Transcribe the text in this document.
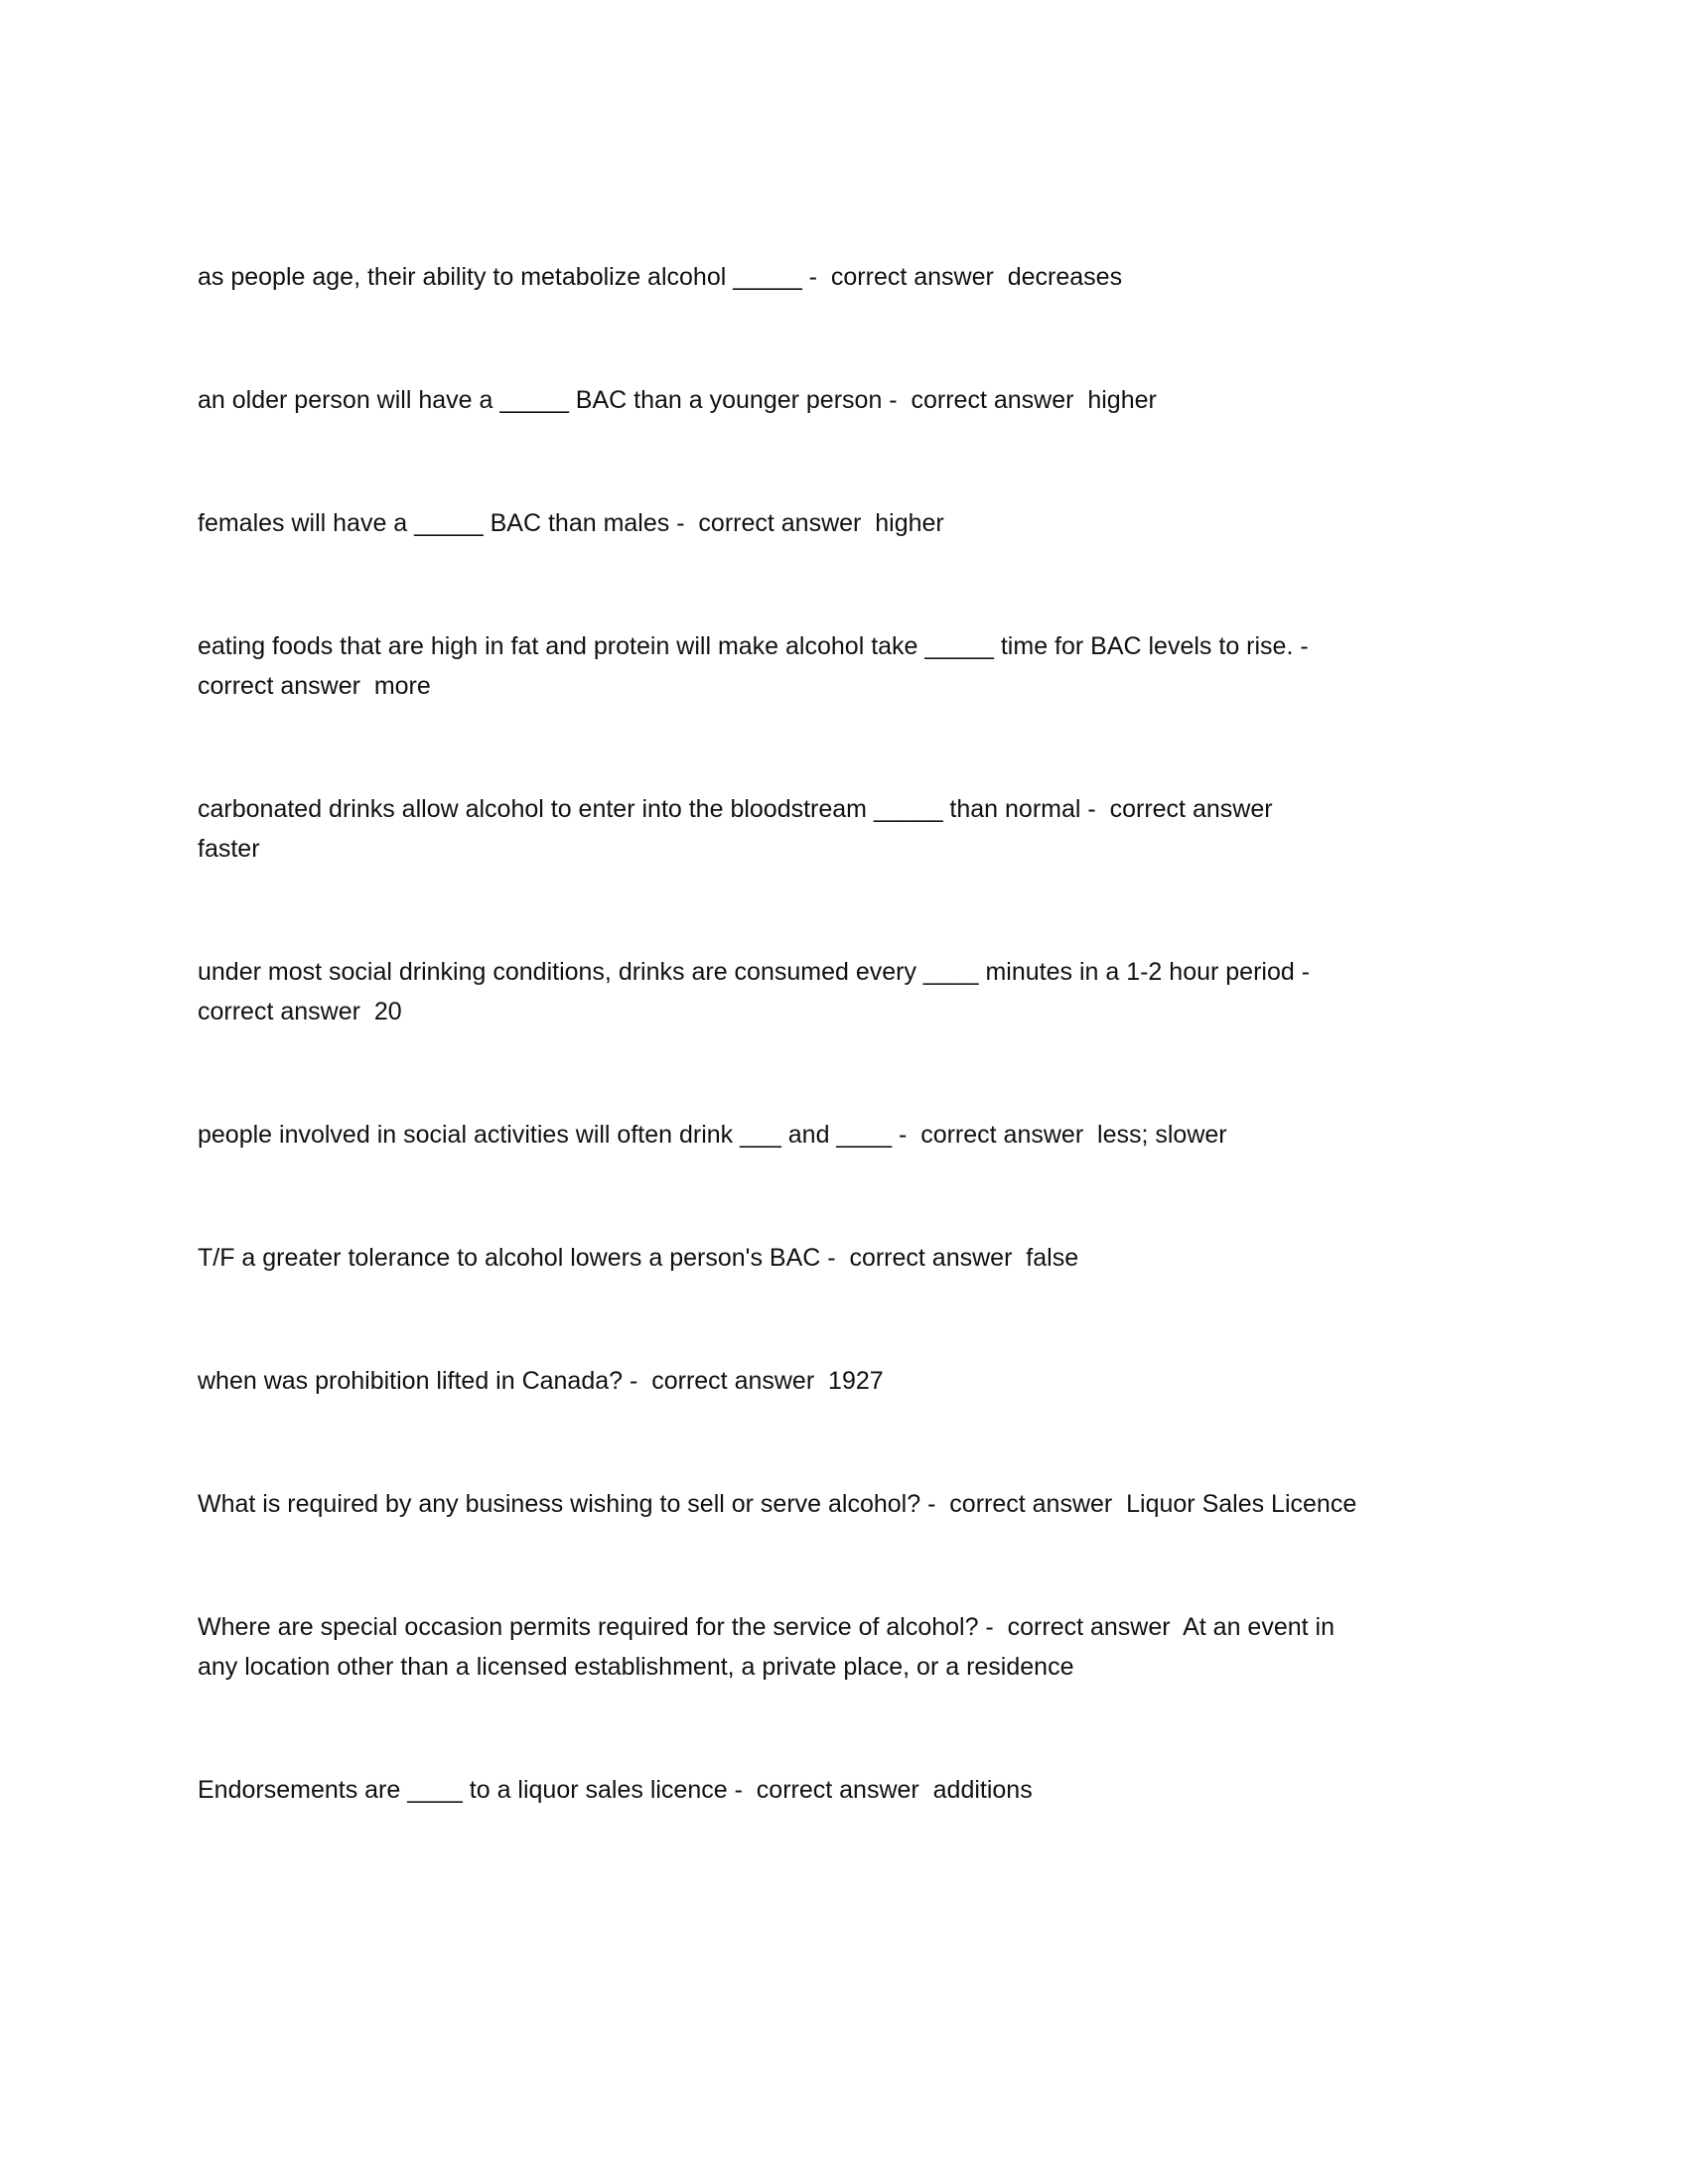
as people age, their ability to metabolize alcohol _____ -  correct answer  decreases
an older person will have a _____ BAC than a younger person -  correct answer  higher
females will have a _____ BAC than males -  correct answer  higher
eating foods that are high in fat and protein will make alcohol take _____ time for BAC levels to rise. -
correct answer  more
carbonated drinks allow alcohol to enter into the bloodstream _____ than normal -  correct answer
faster
under most social drinking conditions, drinks are consumed every ____ minutes in a 1-2 hour period -
correct answer  20
people involved in social activities will often drink ___ and ____ -  correct answer  less; slower
T/F a greater tolerance to alcohol lowers a person's BAC -  correct answer  false
when was prohibition lifted in Canada? -  correct answer  1927
What is required by any business wishing to sell or serve alcohol? -  correct answer  Liquor Sales Licence
Where are special occasion permits required for the service of alcohol? -  correct answer  At an event in
any location other than a licensed establishment, a private place, or a residence
Endorsements are ____ to a liquor sales licence -  correct answer  additions
